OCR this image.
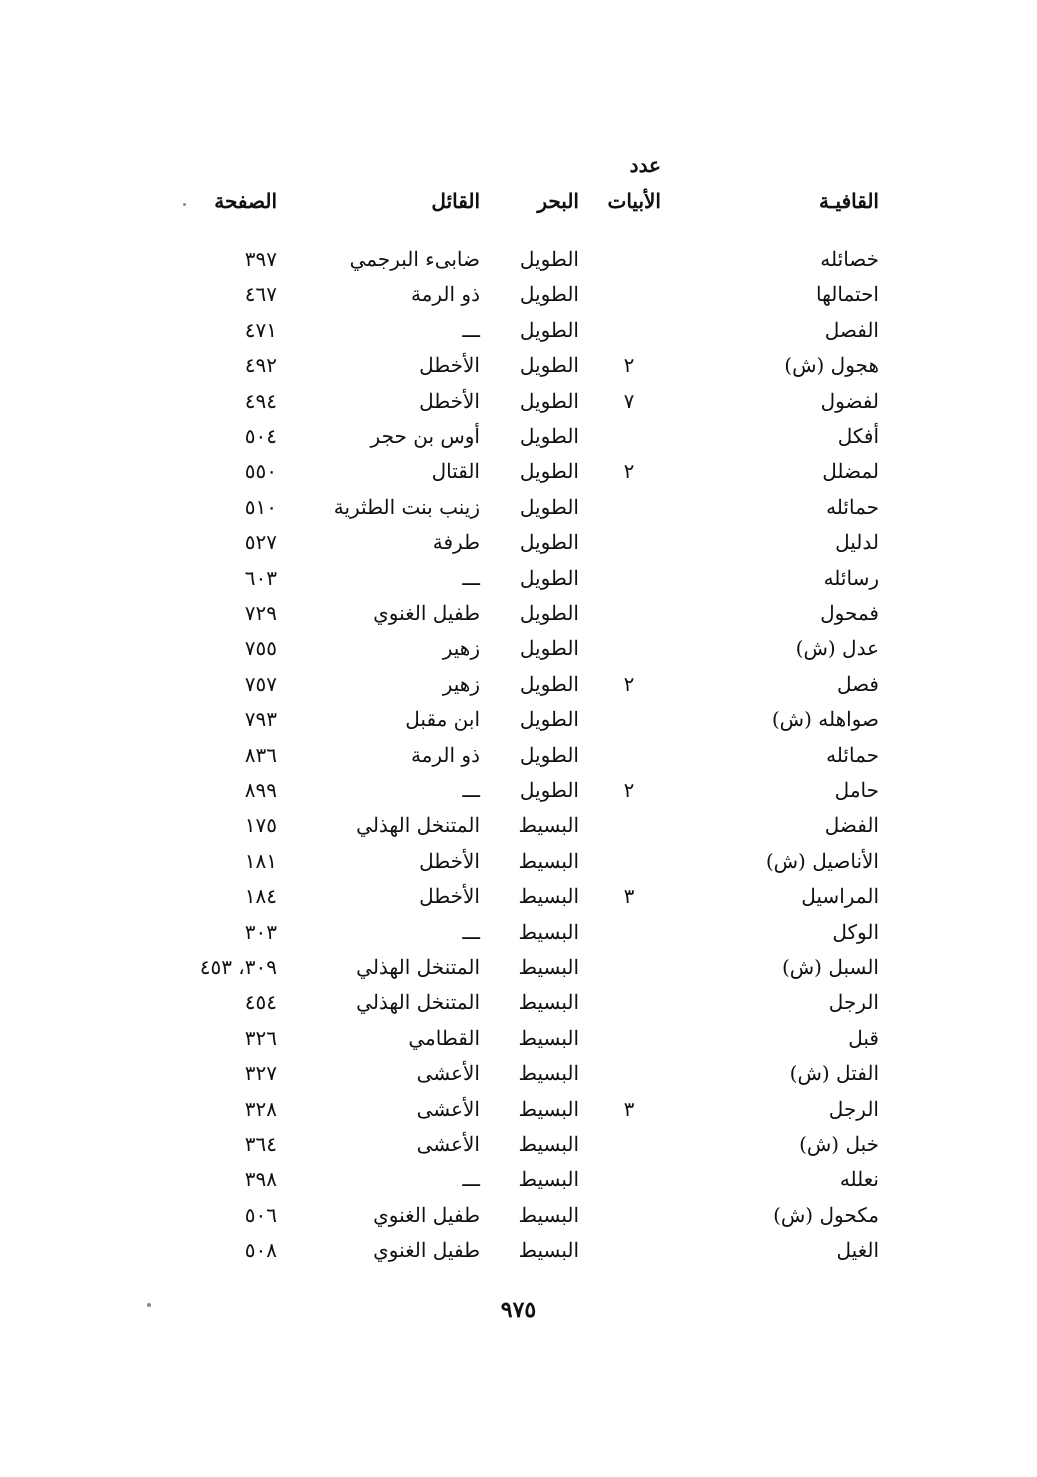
عدد
القافيـة
الأبيات
البحر
القائل
الصفحة
خصائله
الطويل
ضابىء البرجمي
٣٩٧
احتمالها
الطويل
ذو الرمة
٤٦٧
الفصل
الطويل
ـــ
٤٧١
هجول (ش)
٢
الطويل
الأخطل
٤٩٢
لفضول
٧
الطويل
الأخطل
٤٩٤
أفكل
الطويل
أوس بن حجر
٥٠٤
لمضلل
٢
الطويل
القتال
٥٥٠
حمائله
الطويل
زينب بنت الطثرية
٥١٠
لدليل
الطويل
طرفة
٥٢٧
رسائله
الطويل
ـــ
٦٠٣
فمحول
الطويل
طفيل الغنوي
٧٢٩
عدل (ش)
الطويل
زهير
٧٥٥
فصل
٢
الطويل
زهير
٧٥٧
صواهله (ش)
الطويل
ابن مقبل
٧٩٣
حمائله
الطويل
ذو الرمة
٨٣٦
حامل
٢
الطويل
ـــ
٨٩٩
الفضل
البسيط
المتنخل الهذلي
١٧٥
الأناصيل (ش)
البسيط
الأخطل
١٨١
المراسيل
٣
البسيط
الأخطل
١٨٤
الوكل
البسيط
ـــ
٣٠٣
السبل (ش)
البسيط
المتنخل الهذلي
٣٠٩، ٤٥٣
الرجل
البسيط
المتنخل الهذلي
٤٥٤
قبل
البسيط
القطامي
٣٢٦
الفتل (ش)
البسيط
الأعشى
٣٢٧
الرجل
٣
البسيط
الأعشى
٣٢٨
خبل (ش)
البسيط
الأعشى
٣٦٤
نعلله
البسيط
ـــ
٣٩٨
مكحول (ش)
البسيط
طفيل الغنوي
٥٠٦
الغيل
البسيط
طفيل الغنوي
٥٠٨
٩٧٥
